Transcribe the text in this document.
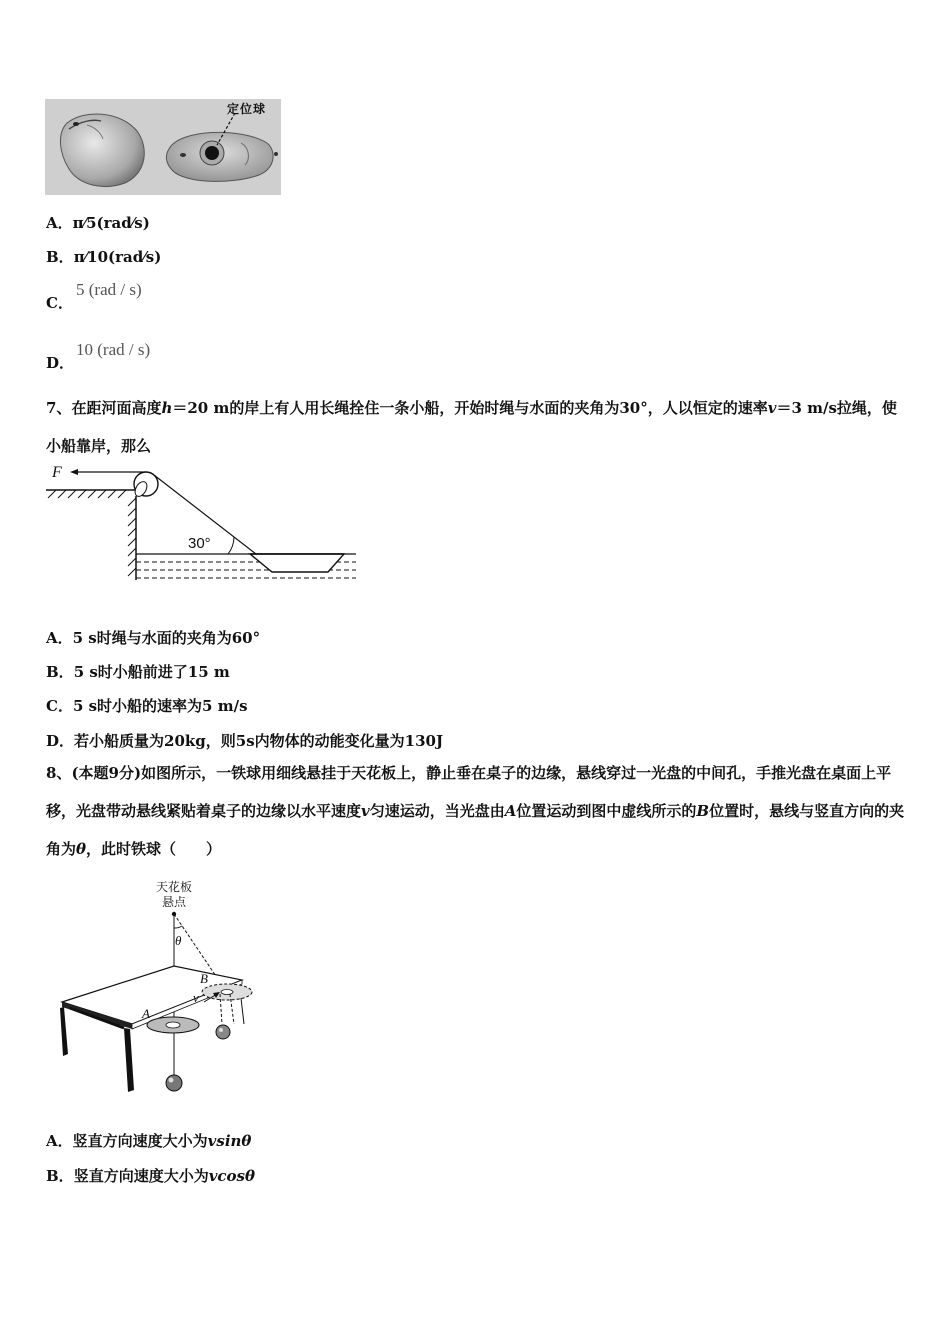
定位球
A．π⁄5(rad⁄s)
B．π⁄10(rad⁄s)
C．
5 (rad / s)
D．
10 (rad / s)
7、在距河面高度h＝20 m的岸上有人用长绳拴住一条小船，开始时绳与水面的夹角为30°，人以恒定的速率v＝3 m/s拉绳，使小船靠岸，那么
F
30°
A．5 s时绳与水面的夹角为60°
B．5 s时小船前进了15 m
C．5 s时小船的速率为5 m/s
D．若小船质量为20kg，则5s内物体的动能变化量为130J
8、(本题9分)如图所示，一铁球用细线悬挂于天花板上，静止垂在桌子的边缘，悬线穿过一光盘的中间孔，手推光盘在桌面上平移，光盘带动悬线紧贴着桌子的边缘以水平速度v匀速运动，当光盘由A位置运动到图中虚线所示的B位置时，悬线与竖直方向的夹角为θ，此时铁球（　　）
天花板
悬点
θ
B
v
A
A．竖直方向速度大小为vsinθ
B．竖直方向速度大小为vcosθ
